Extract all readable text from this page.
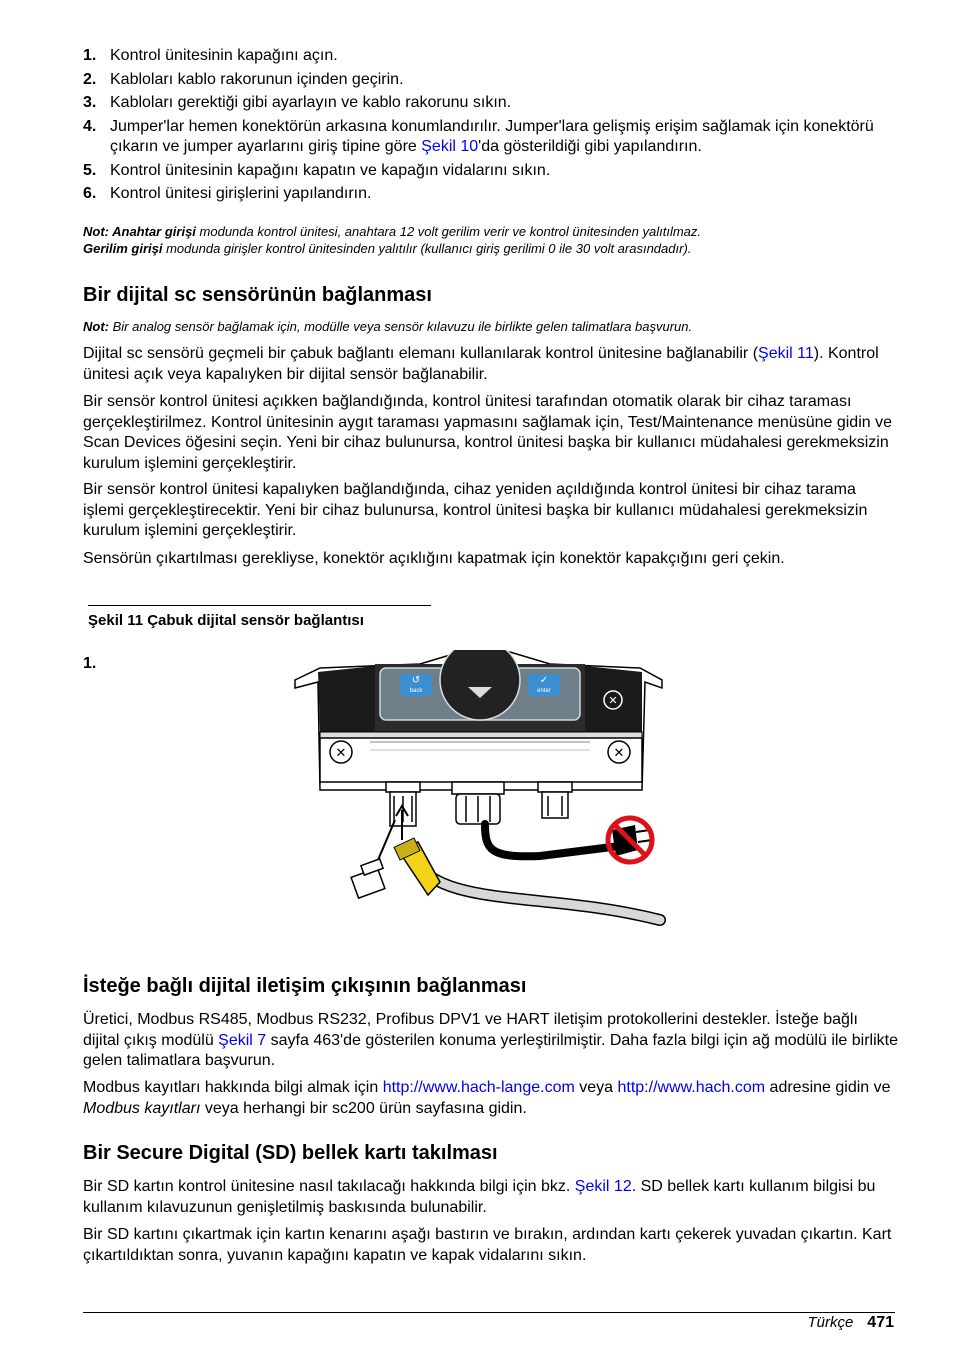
1. Kontrol ünitesinin kapağını açın.
2. Kabloları kablo rakorunun içinden geçirin.
3. Kabloları gerektiği gibi ayarlayın ve kablo rakorunu sıkın.
4. Jumper'lar hemen konektörün arkasına konumlandırılır. Jumper'lara gelişmiş erişim sağlamak için konektörü çıkarın ve jumper ayarlarını giriş tipine göre Şekil 10'da gösterildiği gibi yapılandırın.
5. Kontrol ünitesinin kapağını kapatın ve kapağın vidalarını sıkın.
6. Kontrol ünitesi girişlerini yapılandırın.
Not: Anahtar girişi modunda kontrol ünitesi, anahtara 12 volt gerilim verir ve kontrol ünitesinden yalıtılmaz.
Gerilim girişi modunda girişler kontrol ünitesinden yalıtılır (kullanıcı giriş gerilimi 0 ile 30 volt arasındadır).
Bir dijital sc sensörünün bağlanması
Not: Bir analog sensör bağlamak için, modülle veya sensör kılavuzu ile birlikte gelen talimatlara başvurun.

Dijital sc sensörü geçmeli bir çabuk bağlantı elemanı kullanılarak kontrol ünitesine bağlanabilir (Şekil 11). Kontrol ünitesi açık veya kapalıyken bir dijital sensör bağlanabilir.

Bir sensör kontrol ünitesi açıkken bağlandığında, kontrol ünitesi tarafından otomatik olarak bir cihaz taraması gerçekleştirilmez. Kontrol ünitesinin aygıt taraması yapmasını sağlamak için, Test/Maintenance menüsüne gidin ve Scan Devices öğesini seçin. Yeni bir cihaz bulunursa, kontrol ünitesi başka bir kullanıcı müdahalesi gerekmeksizin kurulum işlemini gerçekleştirir.

Bir sensör kontrol ünitesi kapalıyken bağlandığında, cihaz yeniden açıldığında kontrol ünitesi bir cihaz tarama işlemi gerçekleştirecektir. Yeni bir cihaz bulunursa, kontrol ünitesi başka bir kullanıcı müdahalesi gerekmeksizin kurulum işlemini gerçekleştirir.

Sensörün çıkartılması gerekliyse, konektör açıklığını kapatmak için konektör kapakçığını geri çekin.

Şekil 11 Çabuk dijital sensör bağlantısı
1.
↺
back
✓
enter
✕
✕	✕
İsteğe bağlı dijital iletişim çıkışının bağlanması

Üretici, Modbus RS485, Modbus RS232, Profibus DPV1 ve HART iletişim protokollerini destekler. İsteğe bağlı dijital çıkış modülü Şekil 7 sayfa 463'de gösterilen konuma yerleştirilmiştir. Daha fazla bilgi için ağ modülü ile birlikte gelen talimatlara başvurun.

Modbus kayıtları hakkında bilgi almak için http://www.hach-lange.com veya http://www.hach.com adresine gidin ve Modbus kayıtları veya herhangi bir sc200 ürün sayfasına gidin.

Bir Secure Digital (SD) bellek kartı takılması

Bir SD kartın kontrol ünitesine nasıl takılacağı hakkında bilgi için bkz. Şekil 12. SD bellek kartı kullanım bilgisi bu kullanım kılavuzunun genişletilmiş baskısında bulunabilir.

Bir SD kartını çıkartmak için kartın kenarını aşağı bastırın ve bırakın, ardından kartı çekerek yuvadan çıkartın. Kart çıkartıldıktan sonra, yuvanın kapağını kapatın ve kapak vidalarını sıkın.

Türkçe 471
